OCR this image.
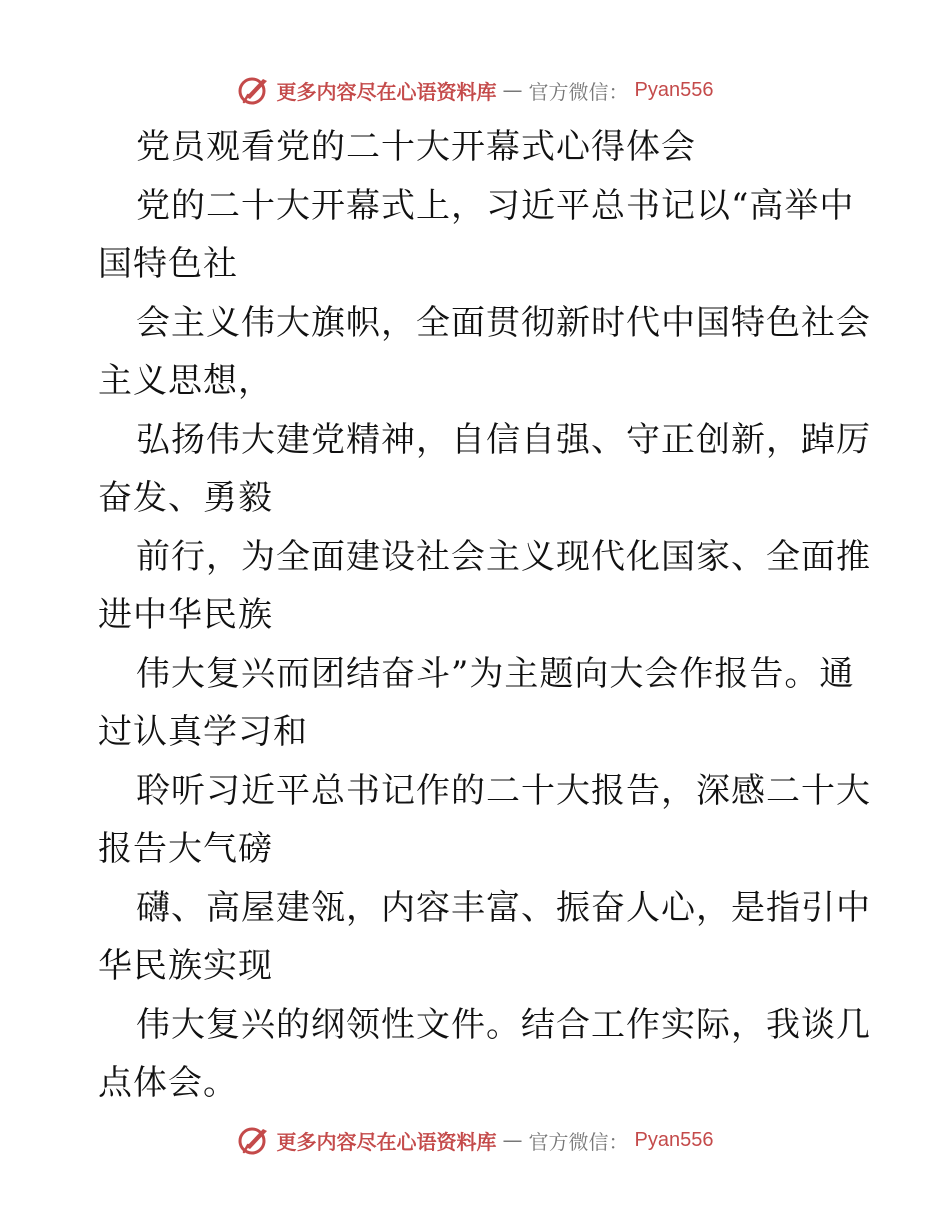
更多内容尽在心语资料库 — 官方微信： Pyan556
党员观看党的二十大开幕式心得体会
党的二十大开幕式上，习近平总书记以“高举中
国特色社
会主义伟大旗帜，全面贯彻新时代中国特色社会
主义思想，
弘扬伟大建党精神，自信自强、守正创新，踔厉
奋发、勇毅
前行，为全面建设社会主义现代化国家、全面推
进中华民族
伟大复兴而团结奋斗”为主题向大会作报告。通
过认真学习和
聆听习近平总书记作的二十大报告，深感二十大
报告大气磅
礴、高屋建瓴，内容丰富、振奋人心，是指引中
华民族实现
伟大复兴的纲领性文件。结合工作实际，我谈几
点体会。
更多内容尽在心语资料库 — 官方微信： Pyan556
